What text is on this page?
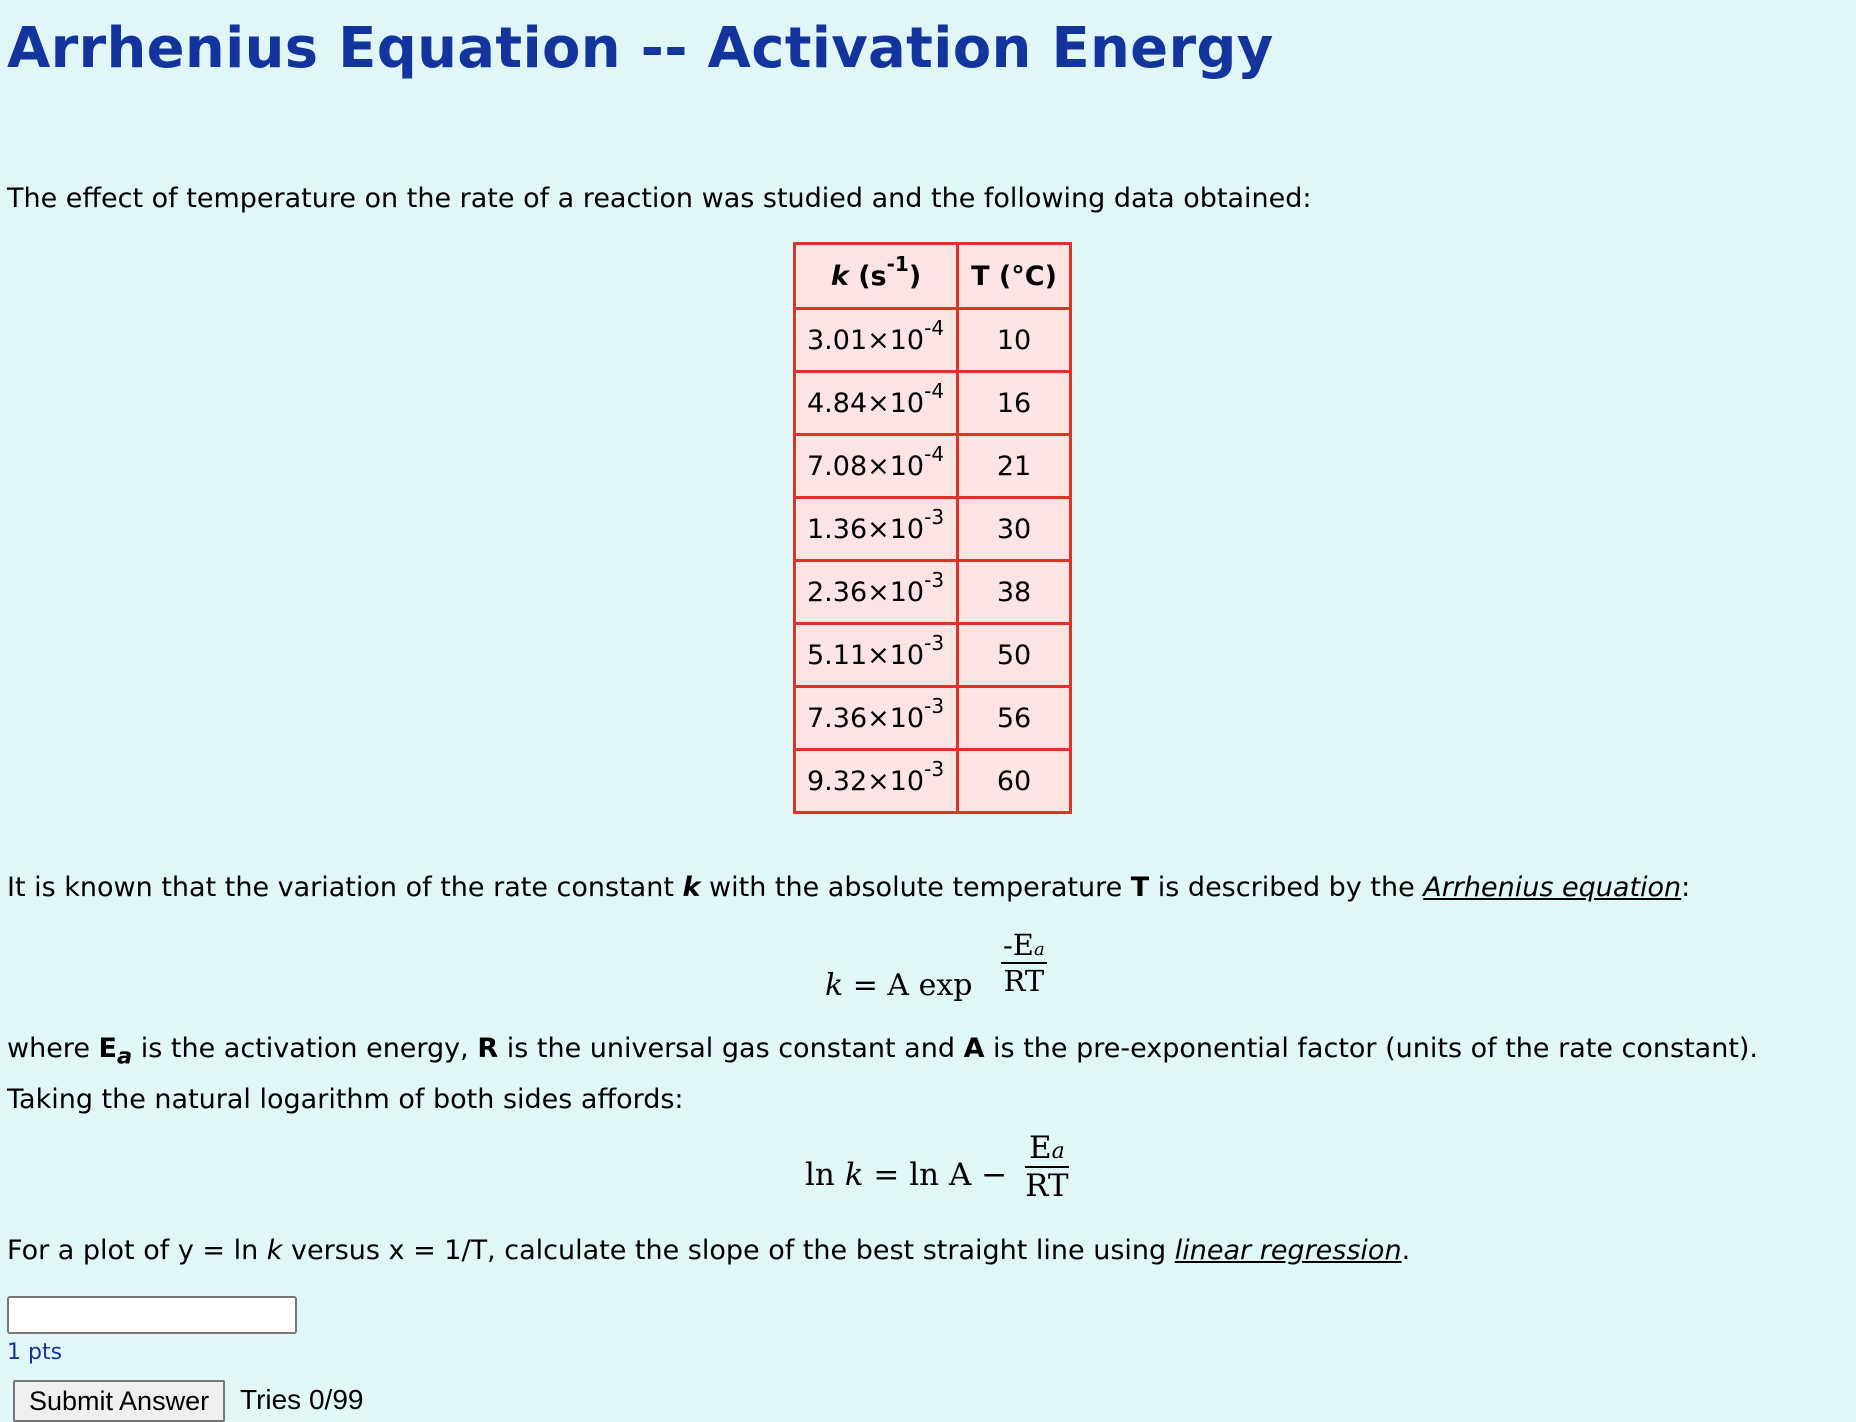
Arrhenius Equation -- Activation Energy
The effect of temperature on the rate of a reaction was studied and the following data obtained:
k $(s^{-1})$	T (°C)
$3.01\times 10^{-4}$	10
$4.84\times 10^{-4}$	16
$7.08\times 10^{-4}$	21
$1.36\times 10^{-3}$	30
$2.36\times 10^{-3}$	38
$5.11\times 10^{-3}$	50
$7.36\times 10^{-3}$	56
$9.32\times 10^{-3}$	60
It is known that the variation of the rate constant k with the absolute temperature T is described by the Arrhenius equation:
k = A $\exp \frac{-Ea}{RT}$
where $E_a$ is the activation energy, R is the universal gas constant and A is the pre-exponential factor (units of the rate constant). Taking the natural logarithm of both sides affords:
$\ln k = \ln A - \frac{Ea}{RT}$
For a plot of y = ln k versus x = 1/T, calculate the slope of the best straight line using linear regression.
1 pts
Submit Answer	Tries 0/99
